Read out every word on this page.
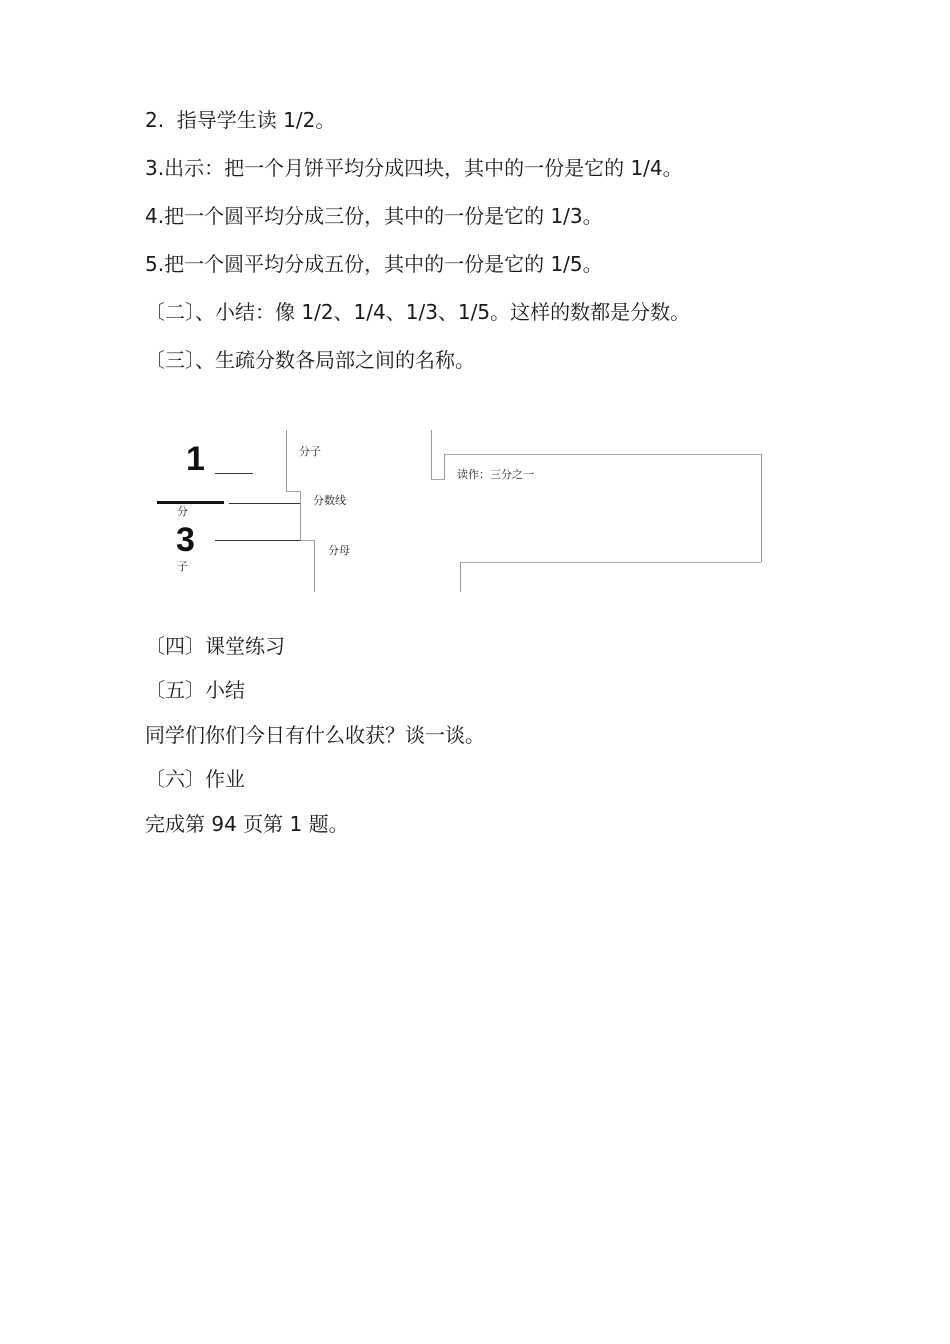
2.  指导学生读 1/2。
3.出示：把一个月饼平均分成四块，其中的一份是它的 1/4。
4.把一个圆平均分成三份，其中的一份是它的 1/3。
5.把一个圆平均分成五份，其中的一份是它的 1/5。
〔二〕、小结：像 1/2、1/4、1/3、1/5。这样的数都是分数。
〔三〕、生疏分数各局部之间的名称。
1
分
3
子
分子
分数线
分母
读作：三分之一
〔四〕课堂练习
〔五〕小结
同学们你们今日有什么收获？谈一谈。
〔六〕作业
完成第 94 页第 1 题。
